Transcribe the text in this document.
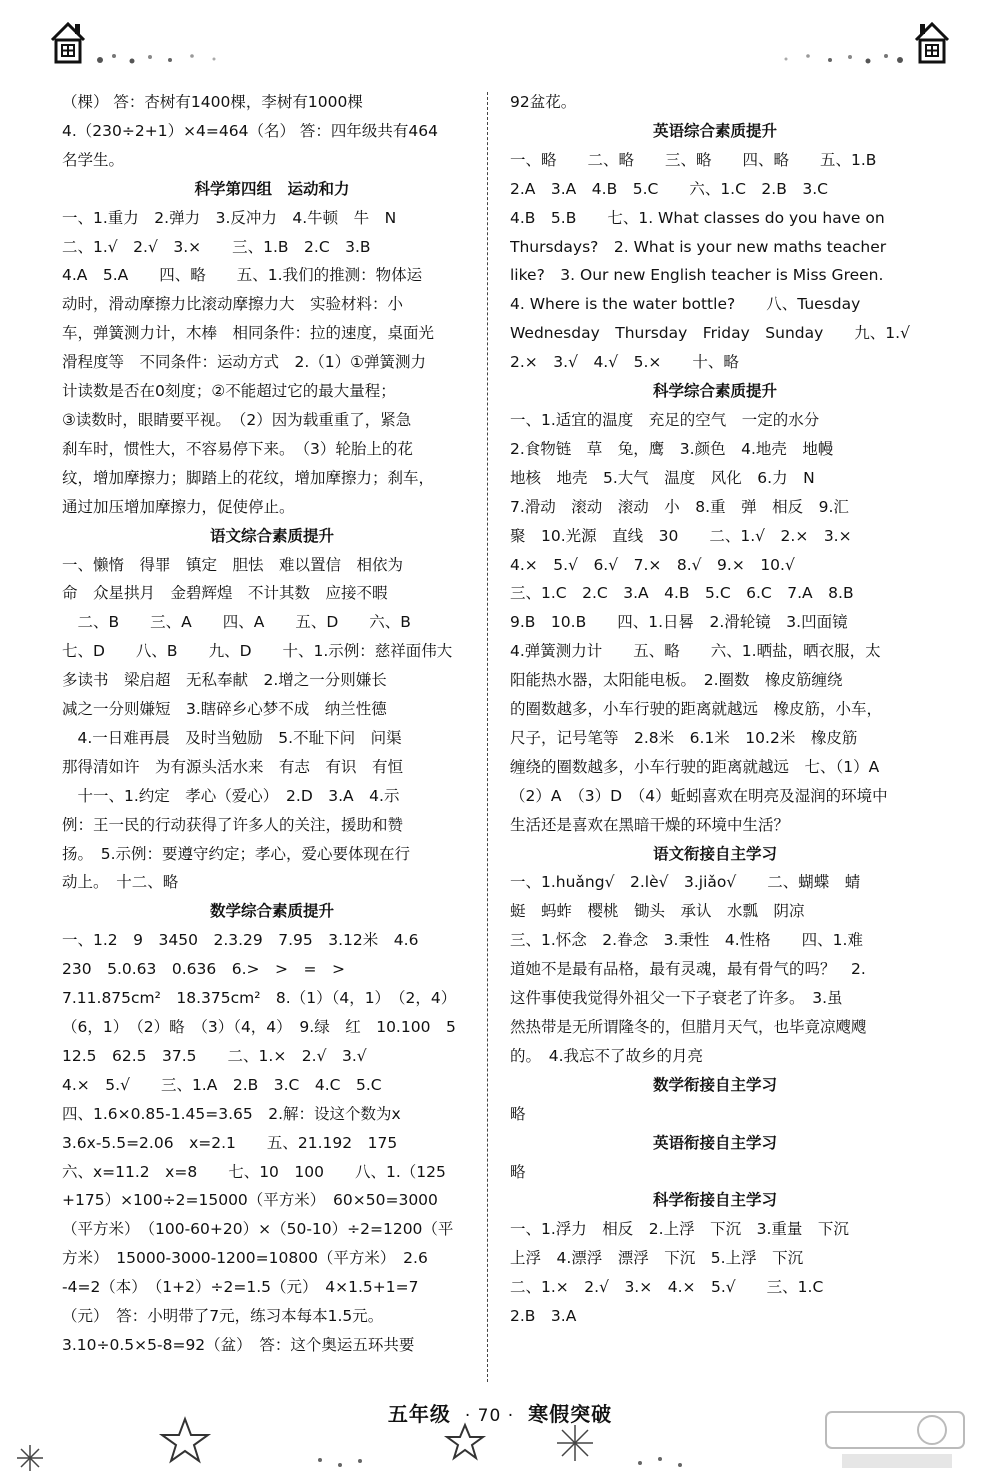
（棵） 答：杏树有1400棵，李树有1000棵
4.（230÷2+1）×4=464（名） 答：四年级共有464
名学生。
科学第四组　运动和力
一、1.重力　2.弹力　3.反冲力　4.牛顿　牛　N
二、1.√　2.√　3.×　　三、1.B　2.C　3.B
4.A　5.A　　四、略　　五、1.我们的推测：物体运
动时，滑动摩擦力比滚动摩擦力大　实验材料：小
车，弹簧测力计，木棒　相同条件：拉的速度，桌面光
滑程度等　不同条件：运动方式　2.（1）①弹簧测力
计读数是否在0刻度；②不能超过它的最大量程；
③读数时，眼睛要平视。　（2）因为载重重了，紧急
刹车时，惯性大，不容易停下来。　（3）轮胎上的花
纹，增加摩擦力；脚踏上的花纹，增加摩擦力；刹车，
通过加压增加摩擦力，促使停止。
语文综合素质提升
一、懒惰　得罪　镇定　胆怯　难以置信　相依为
命　众星拱月　金碧辉煌　不计其数　应接不暇
　二、B　　三、A　　四、A　　五、D　　六、B
七、D　　八、B　　九、D　　十、1.示例：慈祥面伟大
多读书　梁启超　无私奉献　2.增之一分则嫌长
减之一分则嫌短　3.瞎碎乡心梦不成　纳兰性德
　4.一日难再晨　及时当勉励　5.不耻下问　问渠
那得清如许　为有源头活水来　有志　有识　有恒
　十一、1.约定　孝心（爱心）　2.D　3.A　4.示
例：王一民的行动获得了许多人的关注，援助和赞
扬。　5.示例：要遵守约定；孝心，爱心要体现在行
动上。　十二、略
数学综合素质提升
一、1.2　9　3450　2.3.29　7.95　3.12米　4.6
230　5.0.63　0.636　6.>　>　=　>
7.11.875cm²　18.375cm²　8.（1）（4，1）　（2，4）
（6，1）　（2）略　（3）（4，4）　9.绿　红　10.100　5
12.5　62.5　37.5　　二、1.×　2.√　3.√
4.×　5.√　　三、1.A　2.B　3.C　4.C　5.C
四、1.6×0.85-1.45=3.65　2.解：设这个数为x
3.6x-5.5=2.06　x=2.1　　五、21.192　175
六、x=11.2　x=8　　七、10　100　　八、1.（125
+175）×100÷2=15000（平方米）　60×50=3000
（平方米）　（100-60+20）×（50-10）÷2=1200（平
方米）　15000-3000-1200=10800（平方米）　2.6
-4=2（本）　（1+2）÷2=1.5（元）　4×1.5+1=7
（元）　答：小明带了7元，练习本每本1.5元。
3.10÷0.5×5-8=92（盆）　答：这个奥运五环共要
92盆花。
英语综合素质提升
一、略　　二、略　　三、略　　四、略　　五、1.B
2.A　3.A　4.B　5.C　　六、1.C　2.B　3.C
4.B　5.B　　七、1. What classes do you have on
Thursdays?　2. What is your new maths teacher
like?　3. Our new English teacher is Miss Green.
4. Where is the water bottle?　　八、Tuesday
Wednesday　Thursday　Friday　Sunday　　九、1.√
2.×　3.√　4.√　5.×　　十、略
科学综合素质提升
一、1.适宜的温度　充足的空气　一定的水分
2.食物链　草　兔，鹰　3.颜色　4.地壳　地幔
地核　地壳　5.大气　温度　风化　6.力　N
7.滑动　滚动　滚动　小　8.重　弹　相反　9.汇
聚　10.光源　直线　30　　二、1.√　2.×　3.×
4.×　5.√　6.√　7.×　8.√　9.×　10.√
三、1.C　2.C　3.A　4.B　5.C　6.C　7.A　8.B
9.B　10.B　　四、1.日晷　2.滑轮镜　3.凹面镜
4.弹簧测力计　　五、略　　六、1.晒盐，晒衣服，太
阳能热水器，太阳能电板。　2.圈数　橡皮筋缠绕
的圈数越多，小车行驶的距离就越远　橡皮筋，小车，
尺子，记号笔等　2.8米　6.1米　10.2米　橡皮筋
缠绕的圈数越多，小车行驶的距离就越远　七、（1）A
（2）A　（3）D　（4）蚯蚓喜欢在明亮及湿润的环境中
生活还是喜欢在黑暗干燥的环境中生活？
语文衔接自主学习
一、1.huǎng√　2.lè√　3.jiǎo√　　二、蝴蝶　蜻
蜓　蚂蚱　樱桃　锄头　承认　水瓢　阴凉
三、1.怀念　2.眷念　3.秉性　4.性格　　四、1.难
道她不是最有品格，最有灵魂，最有骨气的吗？　2.
这件事使我觉得外祖父一下子衰老了许多。　3.虽
然热带是无所谓隆冬的，但腊月天气，也毕竟凉飕飕
的。　4.我忘不了故乡的月亮
数学衔接自主学习
略
英语衔接自主学习
略
科学衔接自主学习
一、1.浮力　相反　2.上浮　下沉　3.重量　下沉
上浮　4.漂浮　漂浮　下沉　5.上浮　下沉
二、1.×　2.√　3.×　4.×　5.√　　三、1.C
2.B　3.A
五年级 · 70 · 寒假突破
